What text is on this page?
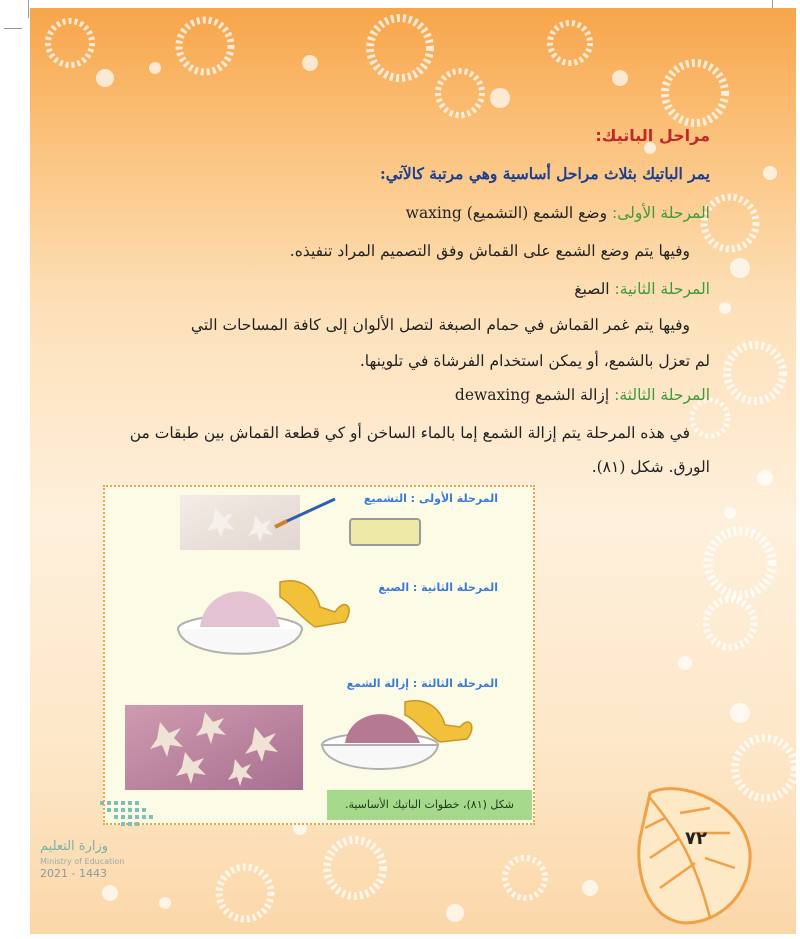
مراحل الباتيك:
يمر الباتيك بثلاث مراحل أساسية وهي مرتبة كالآتي:
المرحلة الأولى: وضع الشمع (التشميع) waxing
وفيها يتم وضع الشمع على القماش وفق التصميم المراد تنفيذه.
المرحلة الثانية: الصبغ
وفيها يتم غمر القماش في حمام الصبغة لتصل الألوان إلى كافة المساحات التي
لم تعزل بالشمع، أو يمكن استخدام الفرشاة في تلوينها.
المرحلة الثالثة: إزالة الشمع dewaxing
في هذه المرحلة يتم إزالة الشمع إما بالماء الساخن أو كي قطعة القماش بين طبقات من
الورق. شكل (٨١).
المرحلة الأولى : التشميع
المرحلة الثانية : الصبغ
المرحلة الثالثة : إزالة الشمع
شكل (٨١)، خطوات الباتيك الأساسية.
وزارة التعليم
Ministry of Education
2021 - 1443
٧٢
